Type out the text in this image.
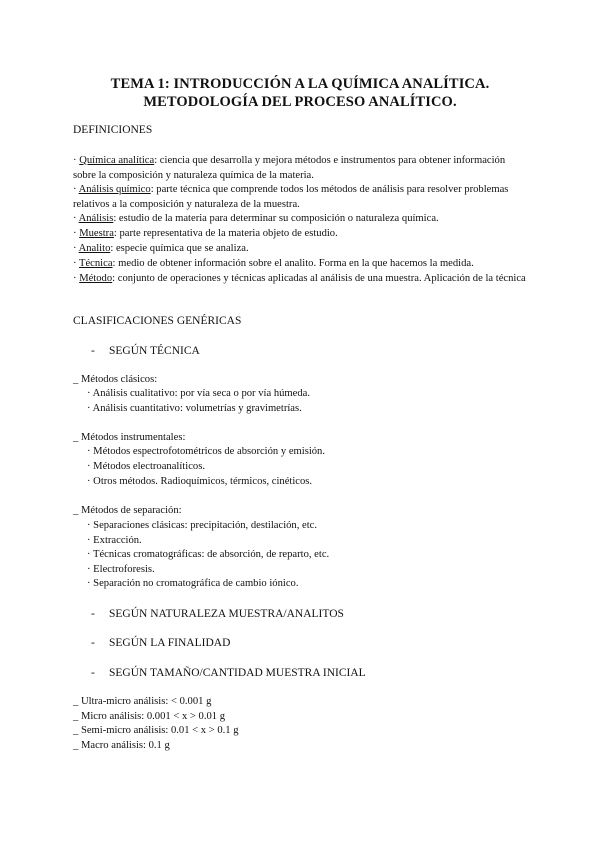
TEMA 1: INTRODUCCIÓN A LA QUÍMICA ANALÍTICA.
METODOLOGÍA DEL PROCESO ANALÍTICO.
DEFINICIONES
· Química analítica: ciencia que desarrolla y mejora métodos e instrumentos para obtener información sobre la composición y naturaleza química de la materia.
· Análisis químico: parte técnica que comprende todos los métodos de análisis para resolver problemas relativos a la composición y naturaleza de la muestra.
· Análisis: estudio de la materia para determinar su composición o naturaleza química.
· Muestra: parte representativa de la materia objeto de estudio.
· Analito: especie química que se analiza.
· Técnica: medio de obtener información sobre el analito. Forma en la que hacemos la medida.
· Método: conjunto de operaciones y técnicas aplicadas al análisis de una muestra. Aplicación de la técnica
CLASIFICACIONES GENÉRICAS
- SEGÚN TÉCNICA
_ Métodos clásicos:
· Análisis cualitativo: por vía seca o por vía húmeda.
· Análisis cuantitativo: volumetrías y gravimetrías.
_ Métodos instrumentales:
· Métodos espectrofotométricos de absorción y emisión.
· Métodos electroanalíticos.
· Otros métodos. Radioquímicos, térmicos, cinéticos.
_ Métodos de separación:
· Separaciones clásicas: precipitación, destilación, etc.
· Extracción.
· Técnicas cromatográficas: de absorción, de reparto, etc.
· Electroforesis.
· Separación no cromatográfica de cambio iónico.
- SEGÚN NATURALEZA MUESTRA/ANALITOS
- SEGÚN LA FINALIDAD
- SEGÚN TAMAÑO/CANTIDAD MUESTRA INICIAL
_ Ultra-micro análisis: < 0.001 g
_ Micro análisis: 0.001 < x > 0.01 g
_ Semi-micro análisis: 0.01 < x > 0.1 g
_ Macro análisis: 0.1 g
